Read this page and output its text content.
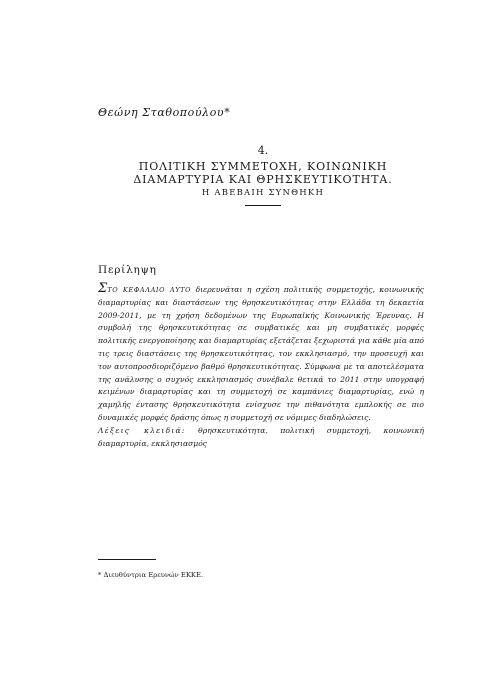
Θεώνη Σταθοπούλου*
4.
ΠΟΛΙΤΙΚΗ ΣΥΜΜΕΤΟΧΗ, ΚΟΙΝΩΝΙΚΗ
ΔΙΑΜΑΡΤΥΡΙΑ ΚΑΙ ΘΡΗΣΚΕΥΤΙΚΟΤΗΤΑ.
Η ΑΒΕΒΑΙΗ ΣΥΝΘΗΚΗ
Περίληψη

ΣΤΟ ΚΕΦΑΛΑΙΟ ΑΥΤΟ διερευνάται η σχέση πολιτικής συμμετοχής, κοινωνικής διαμαρτυρίας και διαστάσεων της θρησκευτικότητας στην Ελλάδα τη δεκαετία 2009-2011, με τη χρήση δεδομένων της Ευρωπαϊκής Κοινωνικής Έρευνας. Η συμβολή της θρησκευτικότητας σε συμβατικές και μη συμβατικές μορφές πολιτικής ενεργοποίησης και διαμαρτυρίας εξετάζεται ξεχωριστά για κάθε μία από τις τρεις διαστάσεις της θρησκευτικότητας, τον εκκλησιασμό, την προσευχή και τον αυτοπροσδιοριζόμενο βαθμό θρησκευτικότητας. Σύμφωνα με τα αποτελέσματα της ανάλυσης ο συχνός εκκλησιασμός συνέβαλε θετικά το 2011 στην υπογραφή κειμένων διαμαρτυρίας και τη συμμετοχή σε καμπάνιες διαμαρτυρίας, ενώ η χαμηλής έντασης θρησκευτικότητα ενίσχυσε την πιθανότητα εμπλοκής σε πιο δυναμικές μορφές δράσης όπως η συμμετοχή σε νόμιμες διαδηλώσεις.

Λέξεις κλειδιά: θρησκευτικότητα, πολιτική συμμετοχή, κοινωνική διαμαρτυρία, εκκλησιασμός

* Διευθύντρια Ερευνών ΕΚΚΕ.
